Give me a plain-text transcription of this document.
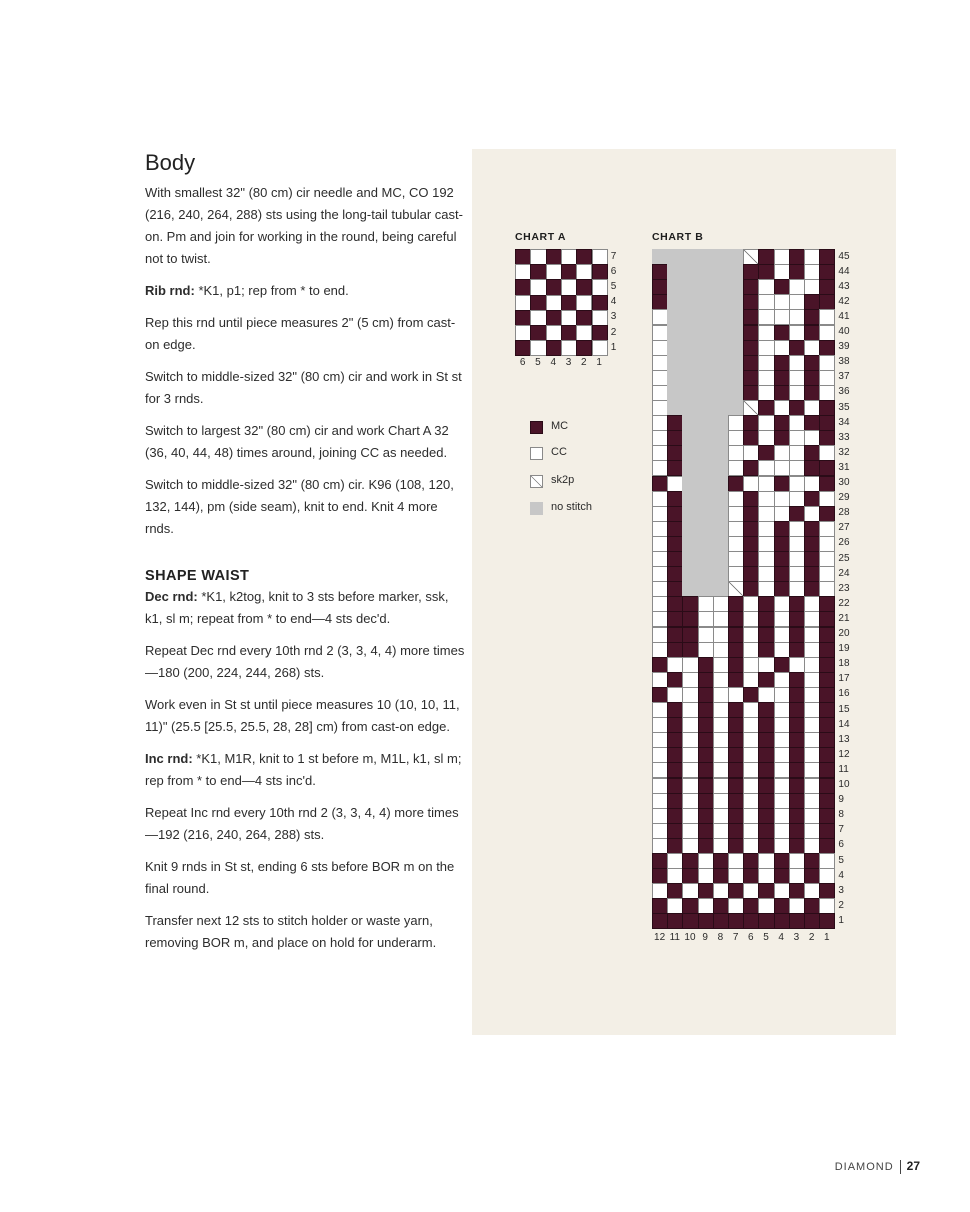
Body

With smallest 32" (80 cm) cir needle and MC, CO 192 (216, 240, 264, 288) sts using the long-tail tubular cast-on. Pm and join for working in the round, being careful not to twist.

Rib rnd: *K1, p1; rep from * to end.

Rep this rnd until piece measures 2" (5 cm) from cast-on edge.

Switch to middle-sized 32" (80 cm) cir and work in St st for 3 rnds.

Switch to largest 32" (80 cm) cir and work Chart A 32 (36, 40, 44, 48) times around, joining CC as needed.

Switch to middle-sized 32" (80 cm) cir. K96 (108, 120, 132, 144), pm (side seam), knit to end. Knit 4 more rnds.

SHAPE WAIST

Dec rnd: *K1, k2tog, knit to 3 sts before marker, ssk, k1, sl m; repeat from * to end—4 sts dec'd.

Repeat Dec rnd every 10th rnd 2 (3, 3, 4, 4) more times—180 (200, 224, 244, 268) sts.

Work even in St st until piece measures 10 (10, 10, 11, 11)" (25.5 [25.5, 25.5, 28, 28] cm) from cast-on edge.

Inc rnd: *K1, M1R, knit to 1 st before m, M1L, k1, sl m; rep from * to end—4 sts inc'd.

Repeat Inc rnd every 10th rnd 2 (3, 3, 4, 4) more times—192 (216, 240, 264, 288) sts.

Knit 9 rnds in St st, ending 6 sts before BOR m on the final round.

Transfer next 12 sts to stitch holder or waste yarn, removing BOR m, and place on hold for underarm.

CHART A	CHART B
7
6
5
4
3
2
1
6 5 4 3 2 1
45
44
43
42
41
40
39
38
37
36
35
34
33
32
31
30
29
28
27
26
25
24
23
22
21
20
19
18
17
16
15
14
13
12
11
10
9
8
7
6
5
4
3
2
1
12 11 10 9 8 7 6 5 4 3 2 1
MC
CC
sk2p
no stitch
DIAMOND 27
